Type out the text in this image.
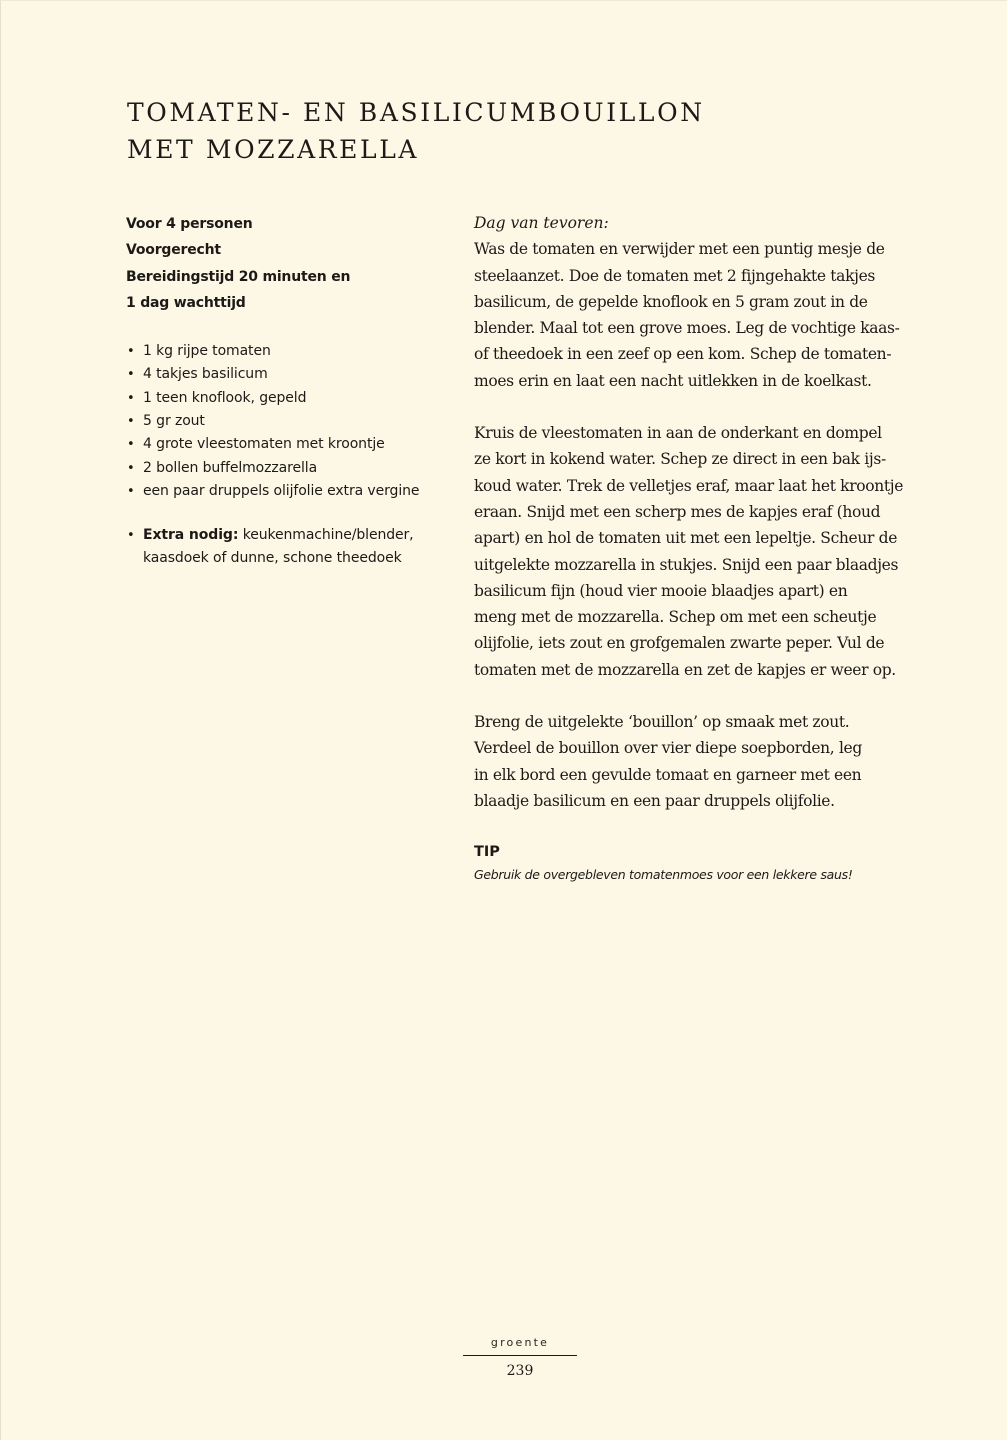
TOMATEN- EN BASILICUMBOUILLON
MET MOZZARELLA
Voor 4 personen
Voorgerecht
Bereidingstijd 20 minuten en
1 dag wachttijd
• 1 kg rijpe tomaten
• 4 takjes basilicum
• 1 teen knoflook, gepeld
• 5 gr zout
• 4 grote vleestomaten met kroontje
• 2 bollen buffelmozzarella
• een paar druppels olijfolie extra vergine
• Extra nodig: keukenmachine/blender,
kaasdoek of dunne, schone theedoek
Dag van tevoren:

Was de tomaten en verwijder met een puntig mesje de
steelaanzet. Doe de tomaten met 2 fijngehakte takjes
basilicum, de gepelde knoflook en 5 gram zout in de
blender. Maal tot een grove moes. Leg de vochtige kaas-
of theedoek in een zeef op een kom. Schep de tomaten-
moes erin en laat een nacht uitlekken in de koelkast.

Kruis de vleestomaten in aan de onderkant en dompel
ze kort in kokend water. Schep ze direct in een bak ijs-
koud water. Trek de velletjes eraf, maar laat het kroontje
eraan. Snijd met een scherp mes de kapjes eraf (houd
apart) en hol de tomaten uit met een lepeltje. Scheur de
uitgelekte mozzarella in stukjes. Snijd een paar blaadjes
basilicum fijn (houd vier mooie blaadjes apart) en
meng met de mozzarella. Schep om met een scheutje
olijfolie, iets zout en grofgemalen zwarte peper. Vul de
tomaten met de mozzarella en zet de kapjes er weer op.

Breng de uitgelekte ‘bouillon’ op smaak met zout.
Verdeel de bouillon over vier diepe soepborden, leg
in elk bord een gevulde tomaat en garneer met een
blaadje basilicum en een paar druppels olijfolie.

TIP
Gebruik de overgebleven tomatenmoes voor een lekkere saus!
groente
239
